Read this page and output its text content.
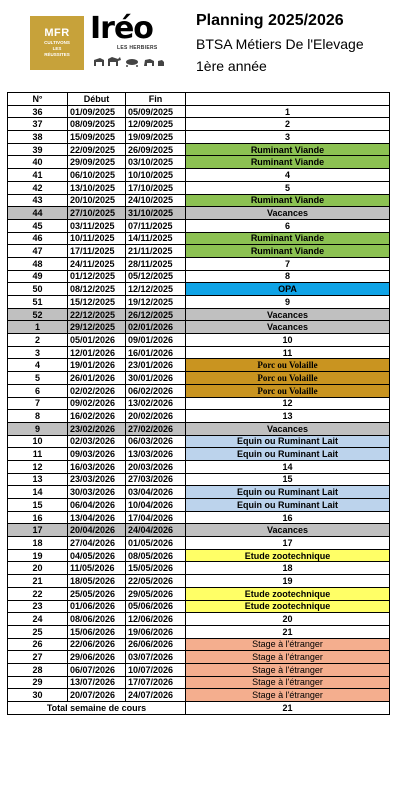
MFR
CULTIVONS
LES
RÉUSSITES
Iréo
LES HERBIERS
Planning 2025/2026
BTSA Métiers De l'Elevage
1ère année
N°	Début	Fin	
36	01/09/2025	05/09/2025	1
37	08/09/2025	12/09/2025	2
38	15/09/2025	19/09/2025	3
39	22/09/2025	26/09/2025	Ruminant Viande
40	29/09/2025	03/10/2025	Ruminant Viande
41	06/10/2025	10/10/2025	4
42	13/10/2025	17/10/2025	5
43	20/10/2025	24/10/2025	Ruminant Viande
44	27/10/2025	31/10/2025	Vacances
45	03/11/2025	07/11/2025	6
46	10/11/2025	14/11/2025	Ruminant Viande
47	17/11/2025	21/11/2025	Ruminant Viande
48	24/11/2025	28/11/2025	7
49	01/12/2025	05/12/2025	8
50	08/12/2025	12/12/2025	OPA
51	15/12/2025	19/12/2025	9
52	22/12/2025	26/12/2025	Vacances
1	29/12/2025	02/01/2026	Vacances
2	05/01/2026	09/01/2026	10
3	12/01/2026	16/01/2026	11
4	19/01/2026	23/01/2026	Porc ou Volaille
5	26/01/2026	30/01/2026	Porc ou Volaille
6	02/02/2026	06/02/2026	Porc ou Volaille
7	09/02/2026	13/02/2026	12
8	16/02/2026	20/02/2026	13
9	23/02/2026	27/02/2026	Vacances
10	02/03/2026	06/03/2026	Equin ou Ruminant Lait
11	09/03/2026	13/03/2026	Equin ou Ruminant Lait
12	16/03/2026	20/03/2026	14
13	23/03/2026	27/03/2026	15
14	30/03/2026	03/04/2026	Equin ou Ruminant Lait
15	06/04/2026	10/04/2026	Equin ou Ruminant Lait
16	13/04/2026	17/04/2026	16
17	20/04/2026	24/04/2026	Vacances
18	27/04/2026	01/05/2026	17
19	04/05/2026	08/05/2026	Etude zootechnique
20	11/05/2026	15/05/2026	18
21	18/05/2026	22/05/2026	19
22	25/05/2026	29/05/2026	Etude zootechnique
23	01/06/2026	05/06/2026	Etude zootechnique
24	08/06/2026	12/06/2026	20
25	15/06/2026	19/06/2026	21
26	22/06/2026	26/06/2026	Stage à l'étranger
27	29/06/2026	03/07/2026	Stage à l'étranger
28	06/07/2026	10/07/2026	Stage à l'étranger
29	13/07/2026	17/07/2026	Stage à l'étranger
30	20/07/2026	24/07/2026	Stage à l'étranger
Total semaine de cours			21
